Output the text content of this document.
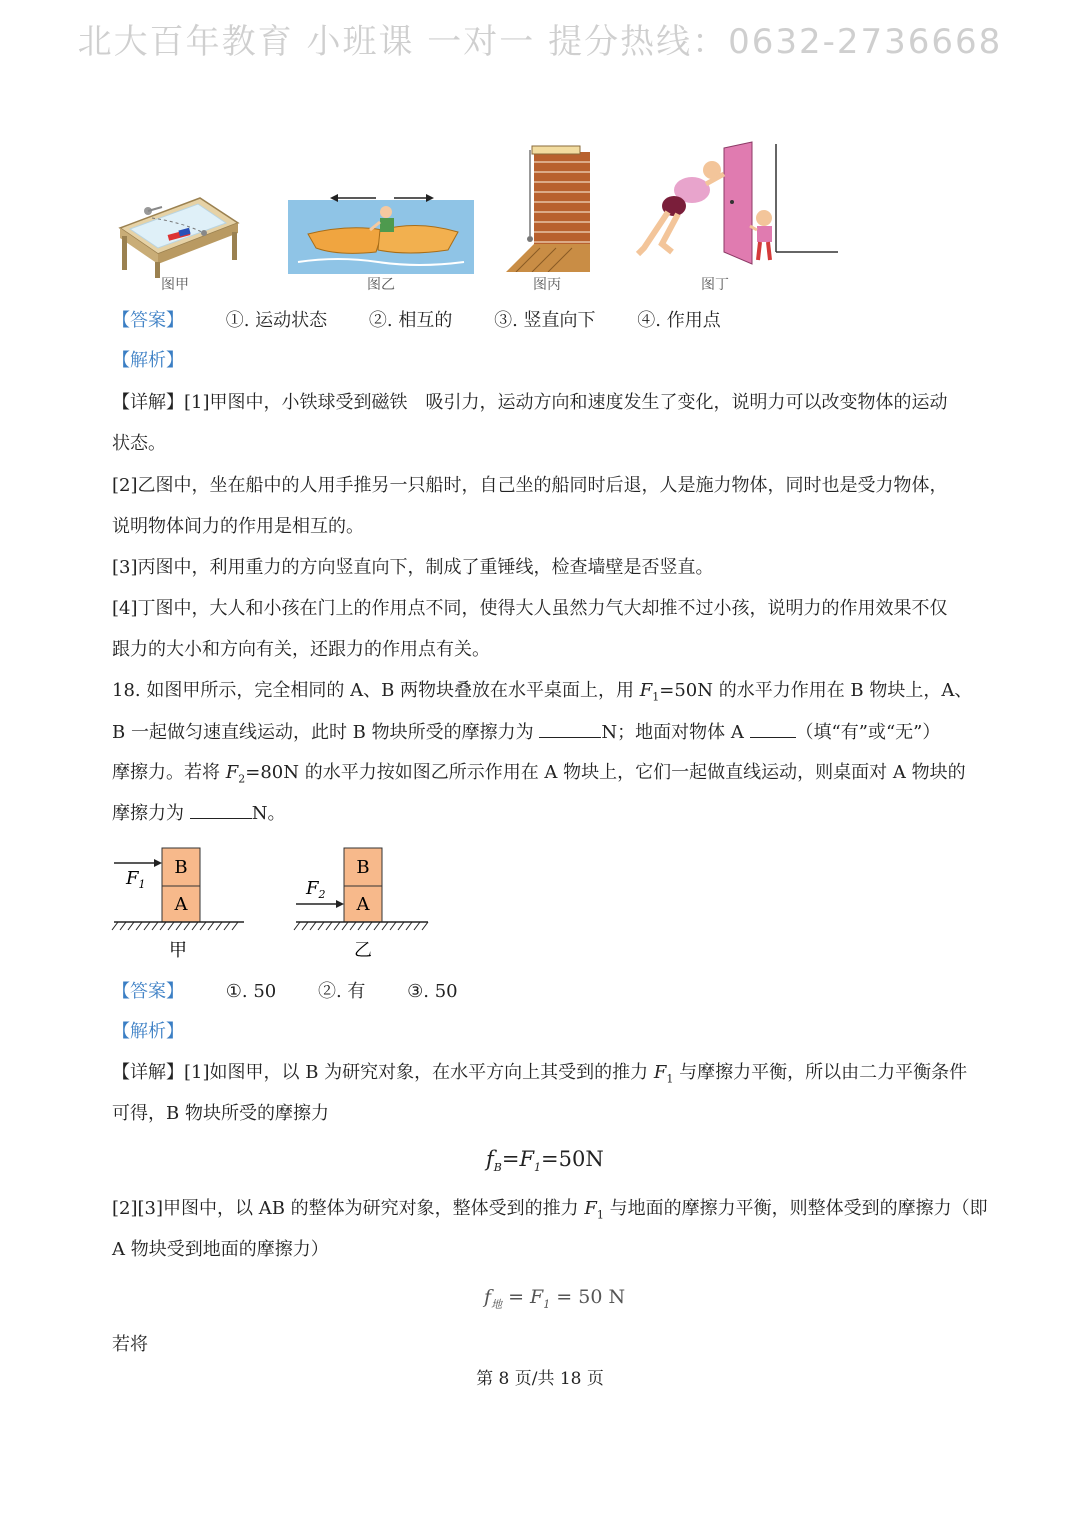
北大百年教育 小班课 一对一 提分热线：0632-2736668
图甲	图乙	图丙	图丁
【答案】 ①. 运动状态 ②. 相互的 ③. 竖直向下 ④. 作用点
【解析】
【详解】[1]甲图中，小铁球受到磁铁　吸引力，运动方向和速度发生了变化，说明力可以改变物体的运动
状态。
[2]乙图中，坐在船中的人用手推另一只船时，自己坐的船同时后退，人是施力物体，同时也是受力物体，
说明物体间力的作用是相互的。
[3]丙图中，利用重力的方向竖直向下，制成了重锤线，检查墙壁是否竖直。
[4]丁图中，大人和小孩在门上的作用点不同，使得大人虽然力气大却推不过小孩，说明力的作用效果不仅
跟力的大小和方向有关，还跟力的作用点有关。
18. 如图甲所示，完全相同的 A、B 两物块叠放在水平桌面上，用 $F_1=50N$ 的水平力作用在 B 物块上，A、
B 一起做匀速直线运动，此时 B 物块所受的摩擦力为	N；地面对物体 A	（填“有”或“无”）
摩擦力。若将 $F_2=80N$ 的水平力按如图乙所示作用在 A 物块上，它们一起做直线运动，则桌面对 A 物块的
摩擦力为	N。
B
A
$F_1$
甲
B
A
$F_2$
乙
【答案】 ①. 50 ②. 有 ③. 50
【解析】
【详解】[1]如图甲，以 B 为研究对象，在水平方向上其受到的推力 $F_1$ 与摩擦力平衡，所以由二力平衡条件
可得，B 物块所受的摩擦力
$f_B=F_1=50N$
[2][3]甲图中，以 AB 的整体为研究对象，整体受到的推力 $F_1$ 与地面的摩擦力平衡，则整体受到的摩擦力（即
A 物块受到地面的摩擦力）
$f_地 = F_1 = 50$ N
若将
第 8 页/共 18 页
